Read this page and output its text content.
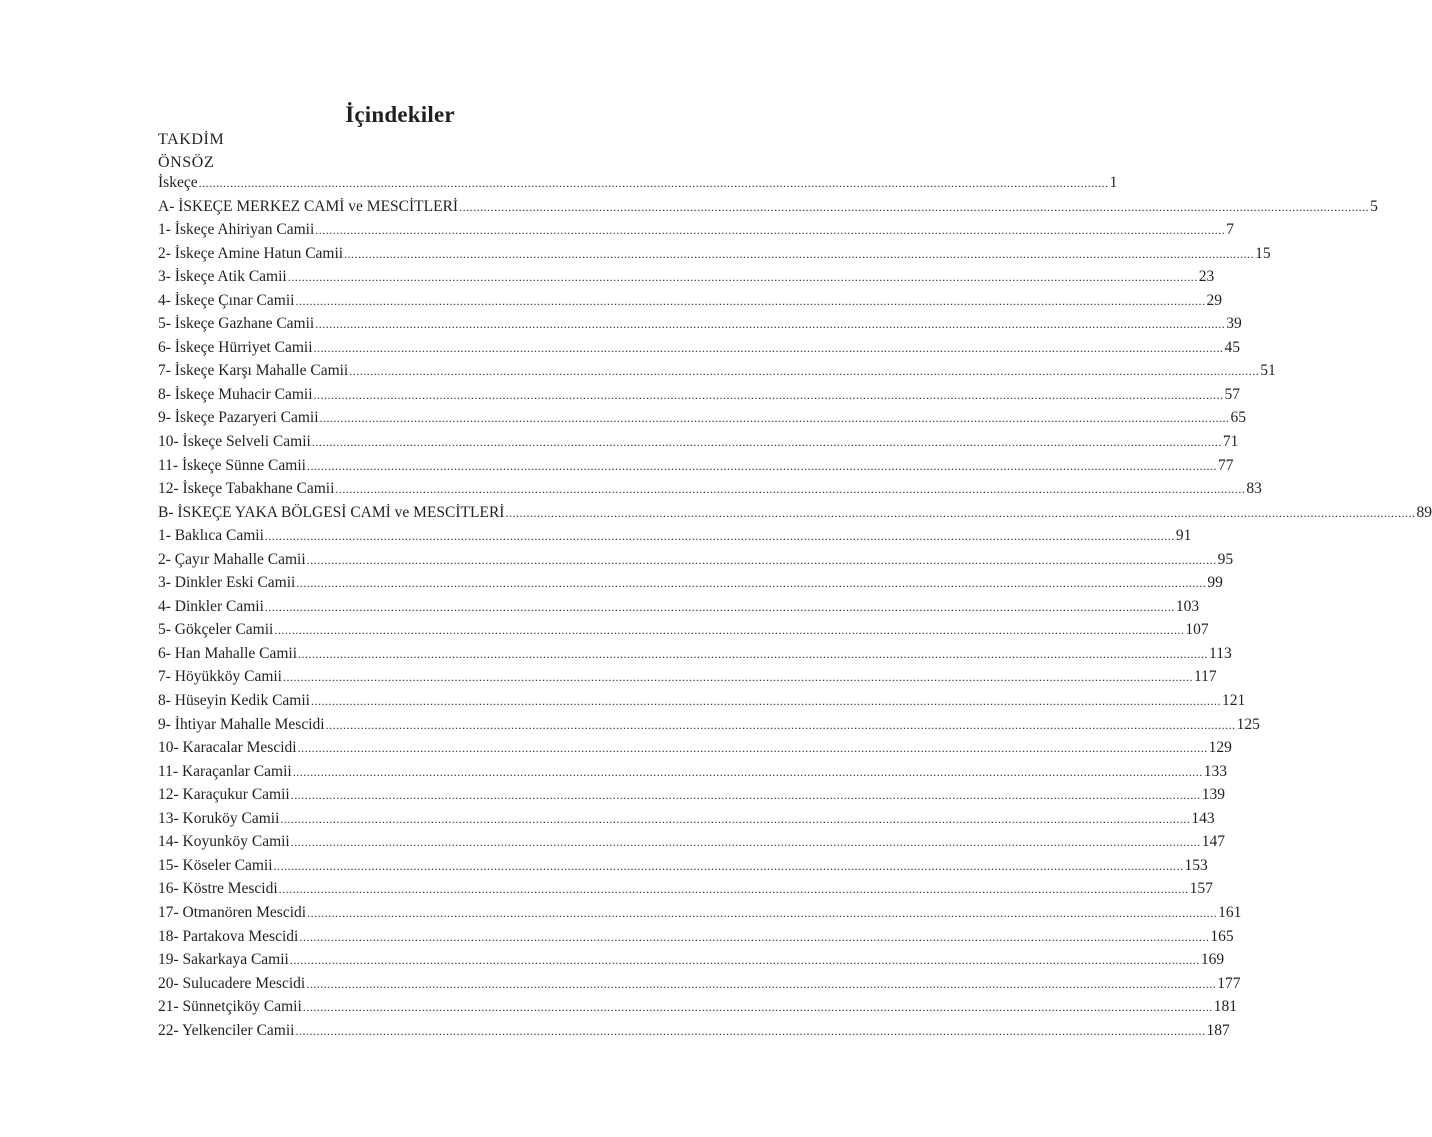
İçindekiler
TAKDİM
ÖNSÖZ
İskeçe .................................................................................................................................................................................................................................................................... 1
A- İSKEÇE MERKEZ CAMİ ve MESCİTLERİ .................................................................................................................................................................................................................................................................... 5
1- İskeçe Ahiriyan Camii .................................................................................................................................................................................................................................................................... 7
2- İskeçe Amine Hatun Camii .................................................................................................................................................................................................................................................................... 15
3- İskeçe Atik Camii .................................................................................................................................................................................................................................................................... 23
4- İskeçe Çınar Camii .................................................................................................................................................................................................................................................................... 29
5- İskeçe Gazhane Camii .................................................................................................................................................................................................................................................................... 39
6- İskeçe Hürriyet Camii .................................................................................................................................................................................................................................................................... 45
7- İskeçe Karşı Mahalle Camii .................................................................................................................................................................................................................................................................... 51
8- İskeçe Muhacir Camii .................................................................................................................................................................................................................................................................... 57
9- İskeçe Pazaryeri Camii .................................................................................................................................................................................................................................................................... 65
10- İskeçe Selveli Camii .................................................................................................................................................................................................................................................................... 71
11- İskeçe Sünne Camii .................................................................................................................................................................................................................................................................... 77
12- İskeçe Tabakhane Camii .................................................................................................................................................................................................................................................................... 83
B- İSKEÇE YAKA BÖLGESİ CAMİ ve MESCİTLERİ .................................................................................................................................................................................................................................................................... 89
1- Baklıca Camii .................................................................................................................................................................................................................................................................... 91
2- Çayır Mahalle Camii .................................................................................................................................................................................................................................................................... 95
3- Dinkler Eski Camii .................................................................................................................................................................................................................................................................... 99
4- Dinkler Camii .................................................................................................................................................................................................................................................................... 103
5- Gökçeler Camii .................................................................................................................................................................................................................................................................... 107
6- Han Mahalle Camii .................................................................................................................................................................................................................................................................... 113
7- Höyükköy Camii .................................................................................................................................................................................................................................................................... 117
8- Hüseyin Kedik Camii .................................................................................................................................................................................................................................................................... 121
9- İhtiyar Mahalle Mescidi .................................................................................................................................................................................................................................................................... 125
10- Karacalar Mescidi .................................................................................................................................................................................................................................................................... 129
11- Karaçanlar Camii .................................................................................................................................................................................................................................................................... 133
12- Karaçukur Camii .................................................................................................................................................................................................................................................................... 139
13- Koruköy Camii .................................................................................................................................................................................................................................................................... 143
14- Koyunköy Camii .................................................................................................................................................................................................................................................................... 147
15- Köseler Camii .................................................................................................................................................................................................................................................................... 153
16- Köstre Mescidi .................................................................................................................................................................................................................................................................... 157
17- Otmanören Mescidi .................................................................................................................................................................................................................................................................... 161
18- Partakova Mescidi .................................................................................................................................................................................................................................................................... 165
19- Sakarkaya Camii .................................................................................................................................................................................................................................................................... 169
20- Sulucadere Mescidi .................................................................................................................................................................................................................................................................... 177
21- Sünnetçiköy Camii .................................................................................................................................................................................................................................................................... 181
22- Yelkenciler Camii .................................................................................................................................................................................................................................................................... 187
